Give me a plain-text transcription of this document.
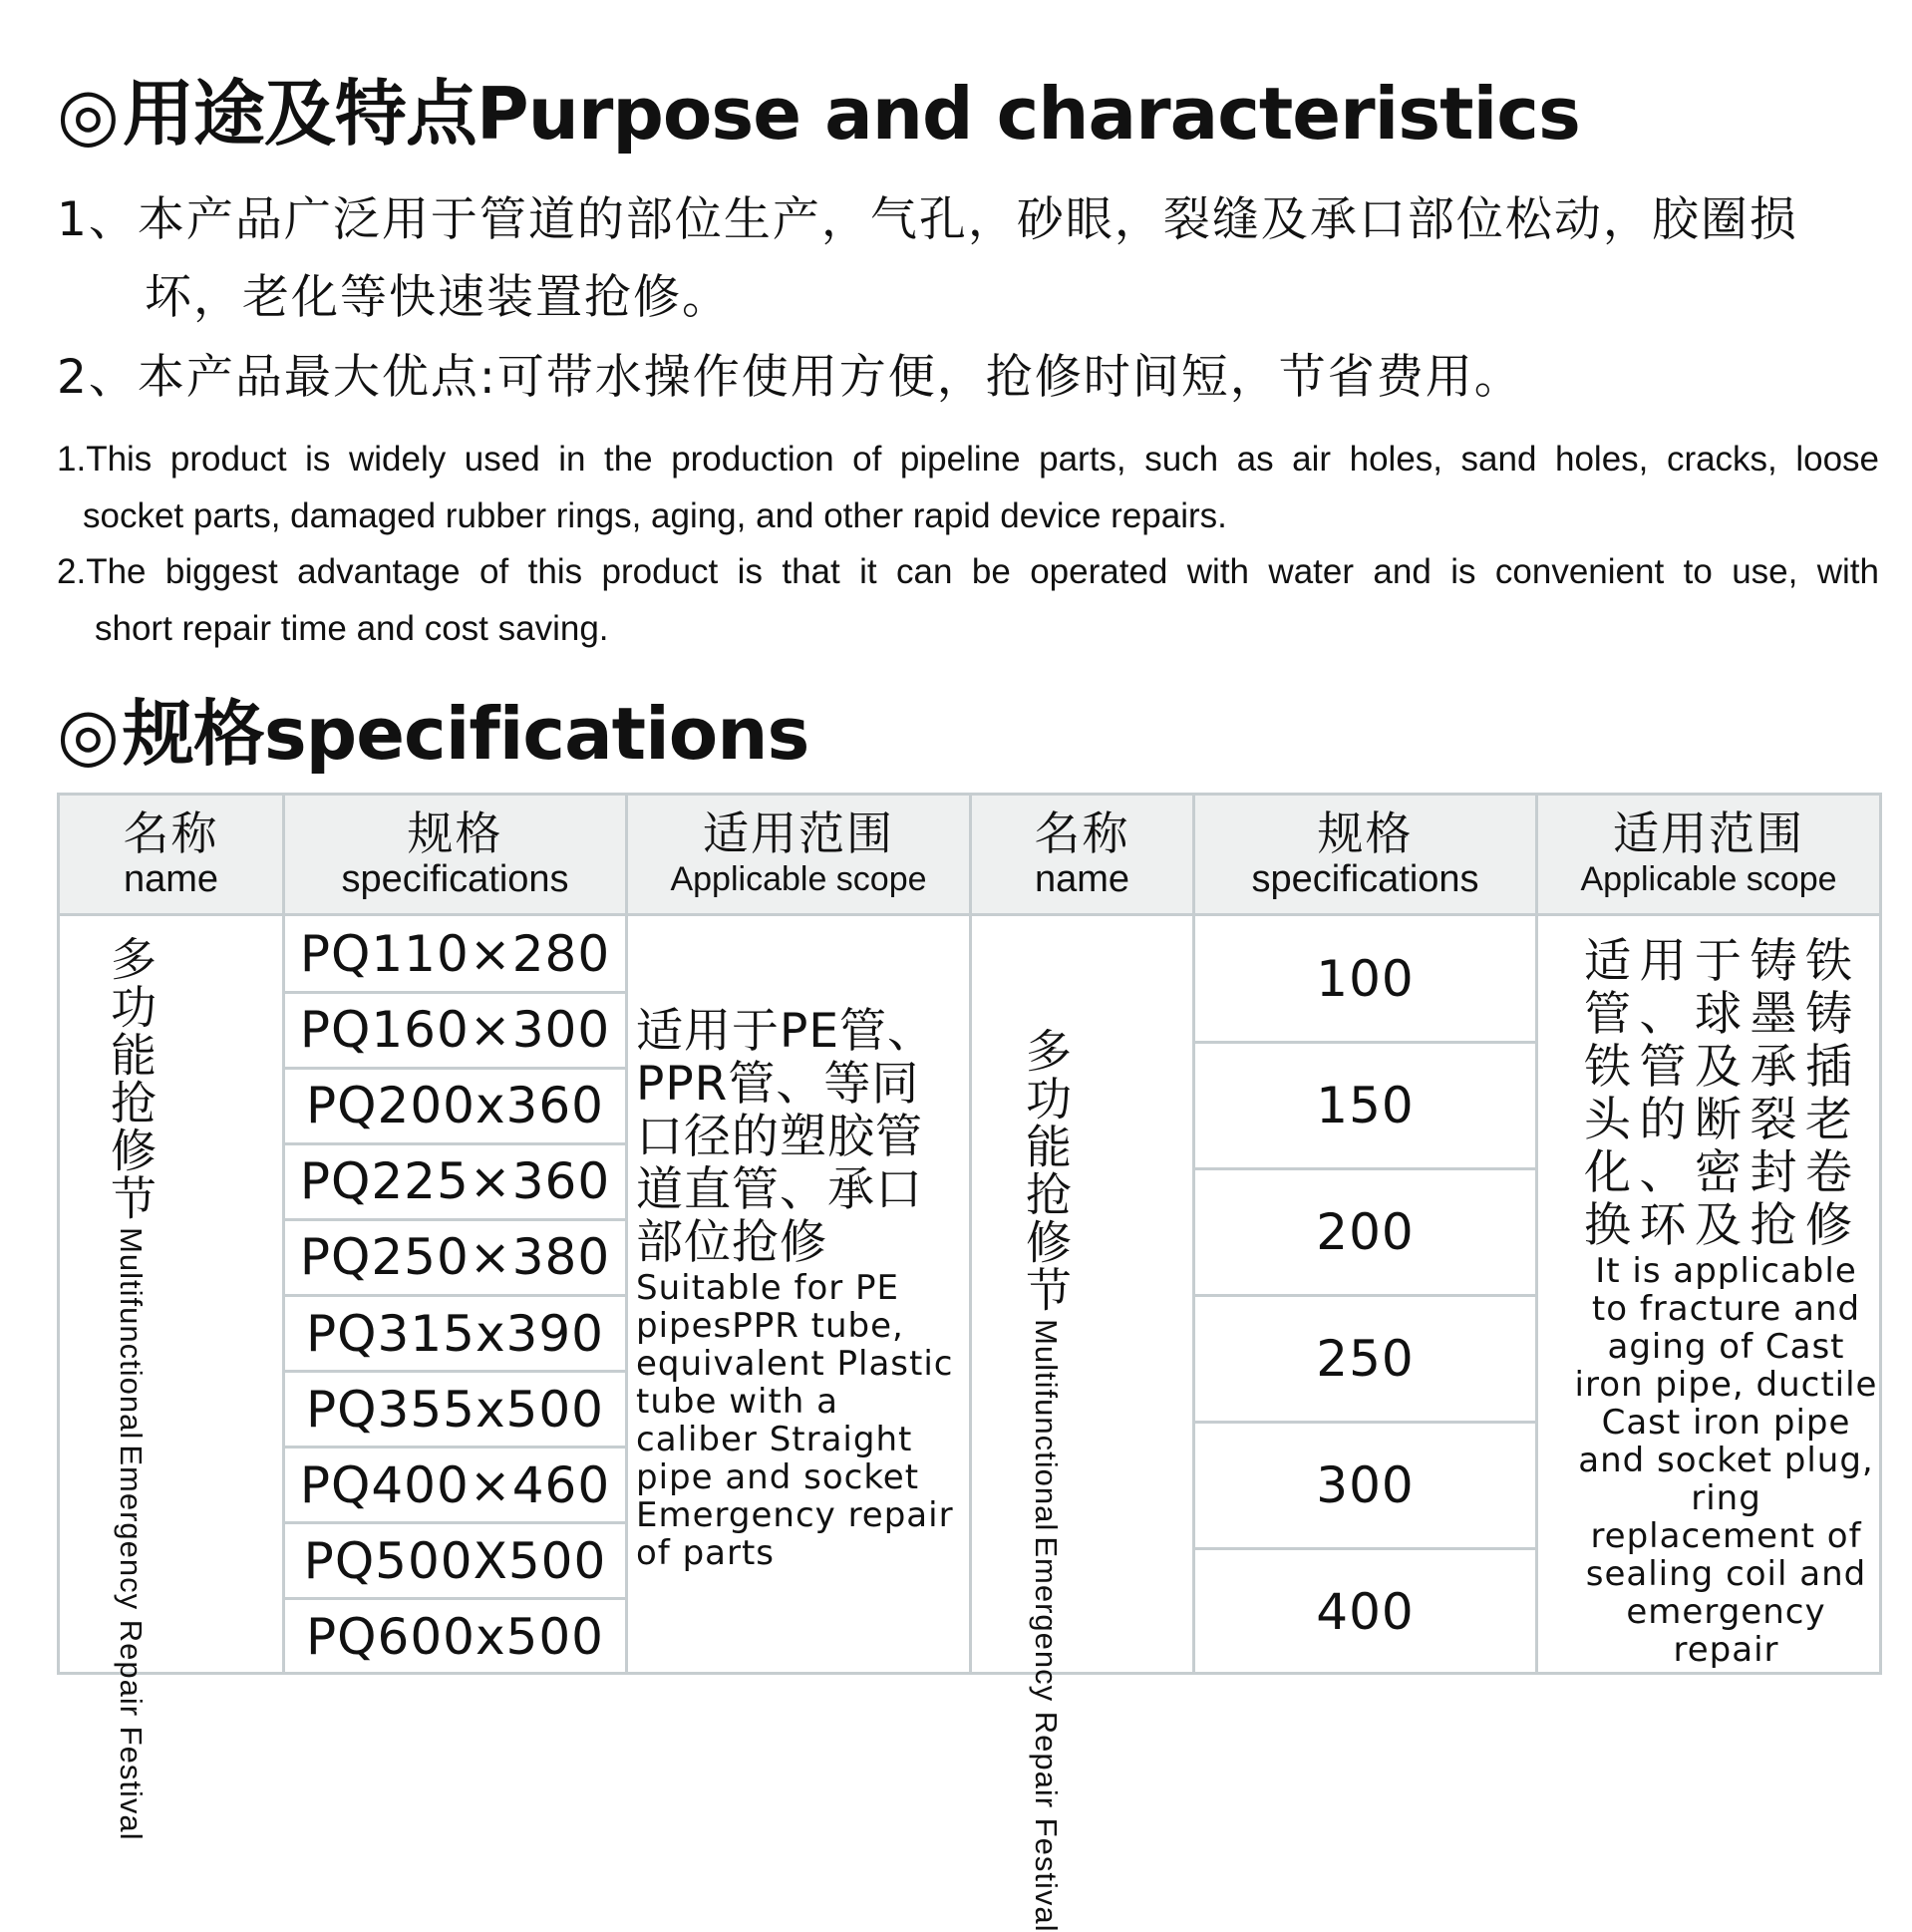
◎用途及特点Purpose and characteristics
1、本产品广泛用于管道的部位生产，气孔，砂眼，裂缝及承口部位松动，胶圈损
坏，老化等快速装置抢修。
2、本产品最大优点:可带水操作使用方便，抢修时间短，节省费用。
1.This product is widely used in the production of pipeline parts, such as air holes, sand holes, cracks, loose
socket parts, damaged rubber rings, aging, and other rapid device repairs.
2.The biggest advantage of this product is that it can be operated with water and is convenient to use, with
short repair time and cost saving.
◎规格specifications
名称
name
规格
specifications
适用范围
Applicable scope
名称
name
规格
specifications
适用范围
Applicable scope
多功能抢修节 Multifunctional Emergency Repair Festival
PQ110×280
PQ160×300
PQ200x360
PQ225×360
PQ250×380
PQ315x390
PQ355x500
PQ400×460
PQ500X500
PQ600x500
适用于PE管、PPR管、等同口径的塑胶管道直管、承口部位抢修
Suitable for PE pipesPPR tube, equivalent Plastic tube with a caliber Straight pipe and socket Emergency repair of parts
多功能抢修节 Multifunctional Emergency Repair Festival
100
150
200
250
300
400
适用于铸铁管、球墨铸铁管及承插头的断裂老化、密封卷换环及抢修
It is applicable to fracture and aging of Cast iron pipe, ductile Cast iron pipe and socket plug, ring replacement of sealing coil and emergency repair
